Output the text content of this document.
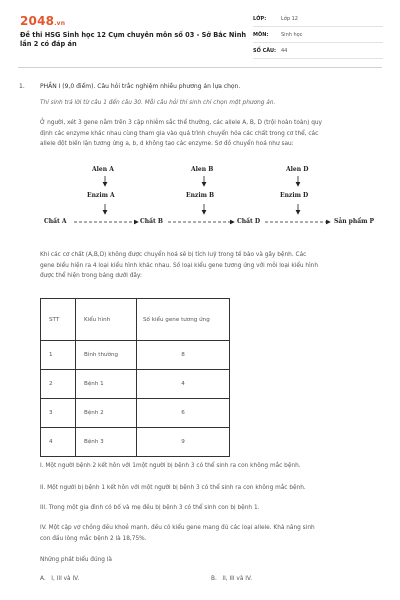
2048.vn
Đề thi HSG Sinh học 12 Cụm chuyên môn số 03 - Sở Bắc Ninh lần 2 có đáp án
LỚP:	Lớp 12
MÔN:	Sinh học
SỐ CÂU: 44
1.	PHẦN I (9,0 điểm). Câu hỏi trắc nghiệm nhiều phương án lựa chọn.
Thí sinh trả lời từ câu 1 đến câu 30. Mỗi câu hỏi thí sinh chỉ chọn một phương án.
Ở người, xét 3 gene nằm trên 3 cặp nhiễm sắc thể thường, các allele A, B, D (trội hoàn toàn) quy
định các enzyme khác nhau cùng tham gia vào quá trình chuyển hóa các chất trong cơ thể, các
allele đột biến lặn tương ứng a, b, d không tạo các enzyme. Sơ đồ chuyển hoá như sau:
Alen A	Alen B	Alen D
Enzim A	Enzim B	Enzim D
Chất A	Chất B	Chất D	Sản phẩm P
Khi các cơ chất (A,B,D) không được chuyển hoá sẽ bị tích luỹ trong tế bào và gây bệnh. Các
gene biểu hiện ra 4 loại kiểu hình khác nhau. Số loại kiểu gene tương ứng với mỗi loại kiểu hình
được thể hiện trong bảng dưới đây:
STT	Kiểu hình	Số kiểu gene tương ứng
1	Bình thường	8
2	Bệnh 1	4
3	Bệnh 2	6
4	Bệnh 3	9
I. Một người bệnh 2 kết hôn với 1một người bị bệnh 3 có thể sinh ra con không mắc bệnh.
II. Một người bị bệnh 1 kết hôn với một người bị bệnh 3 có thể sinh ra con không mắc bệnh.
III. Trong một gia đình có bố và mẹ đều bị bệnh 3 có thể sinh con bị bệnh 1.
IV. Một cặp vợ chồng đều khoẻ mạnh, đều có kiểu gene mang đủ các loại allele. Khả năng sinh
con đầu lòng mắc bệnh 2 là 18,75%.
Những phát biểu đúng là
A. I, III và IV.	B. II, III và IV.
